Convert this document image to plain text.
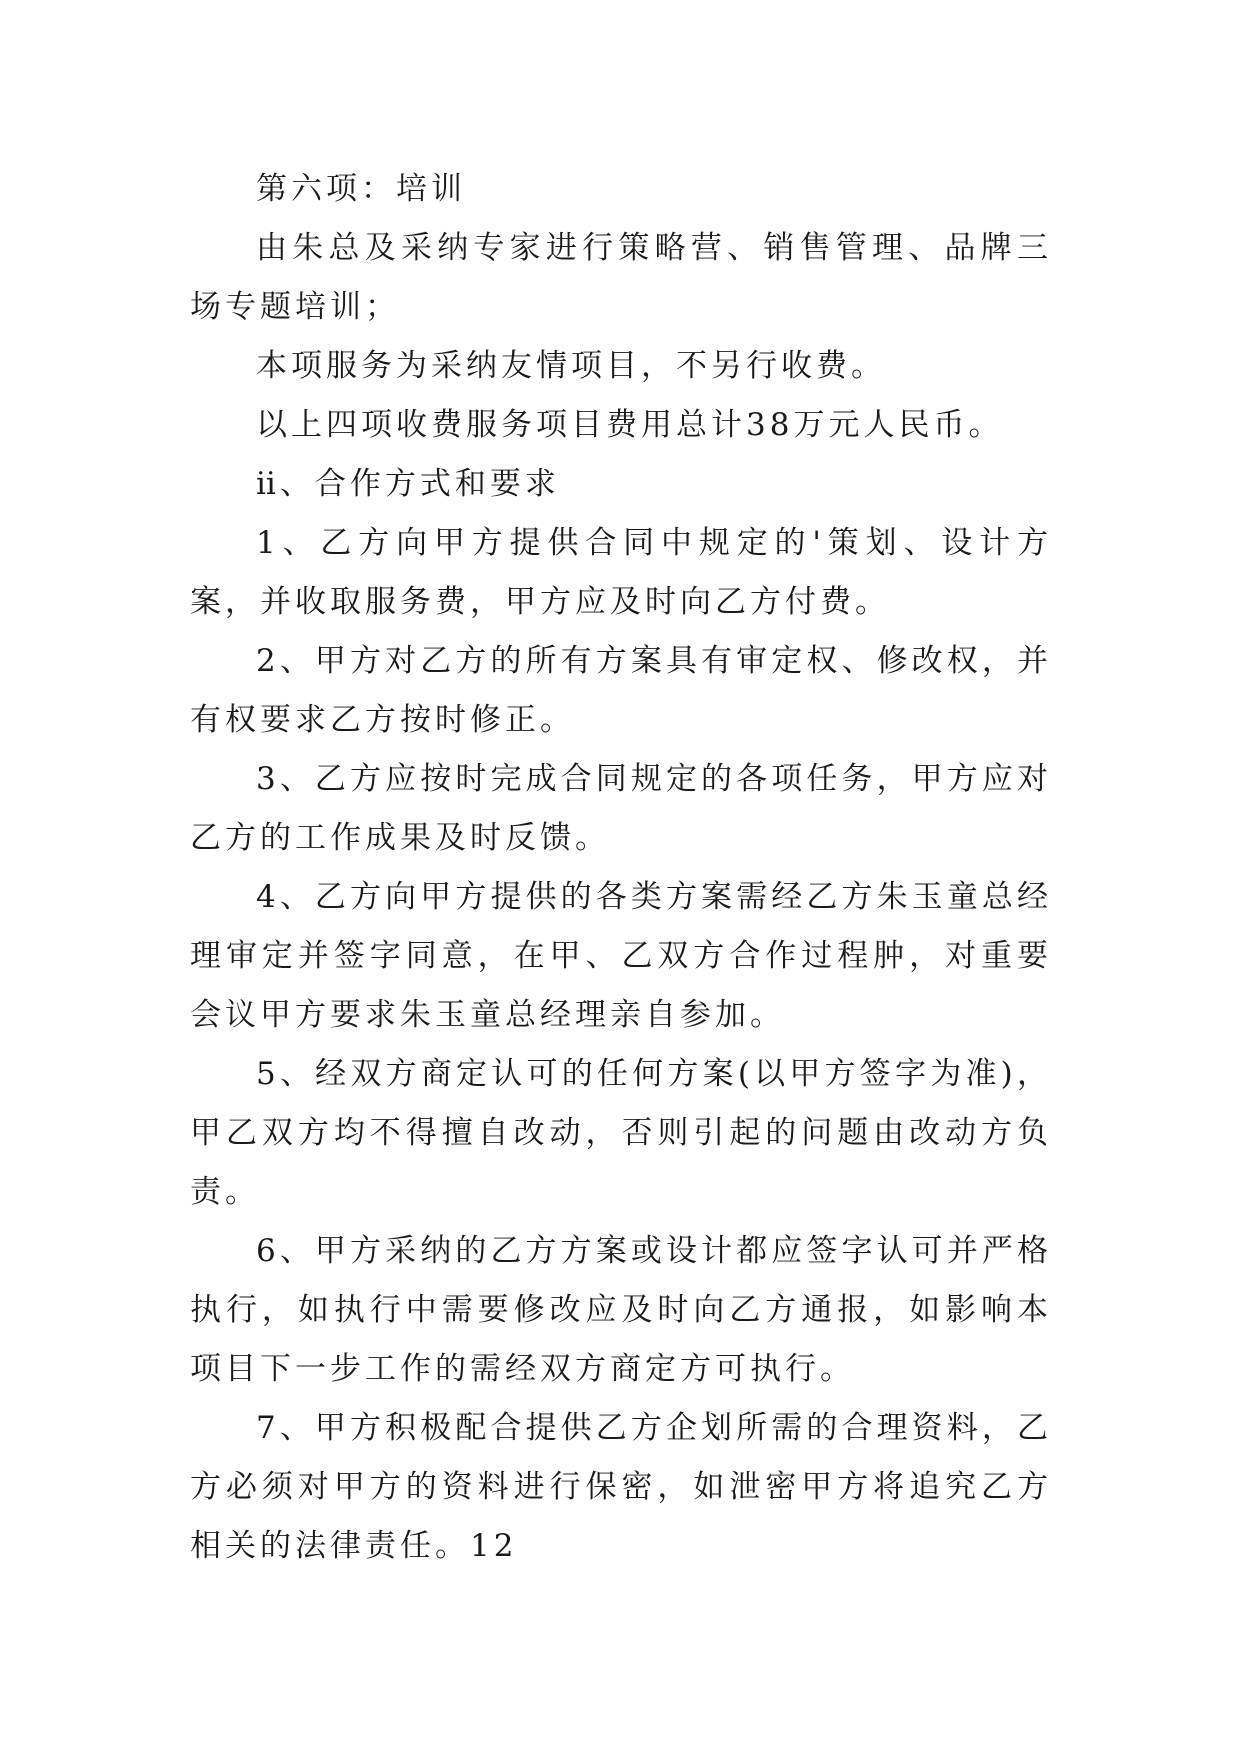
第六项：培训

由朱总及采纳专家进行策略营、销售管理、品牌三场专题培训；

本项服务为采纳友情项目，不另行收费。

以上四项收费服务项目费用总计38万元人民币。

ⅱ、合作方式和要求

1、乙方向甲方提供合同中规定的'策划、设计方案，并收取服务费，甲方应及时向乙方付费。

2、甲方对乙方的所有方案具有审定权、修改权，并有权要求乙方按时修正。

3、乙方应按时完成合同规定的各项任务，甲方应对乙方的工作成果及时反馈。

4、乙方向甲方提供的各类方案需经乙方朱玉童总经理审定并签字同意，在甲、乙双方合作过程肿，对重要会议甲方要求朱玉童总经理亲自参加。

5、经双方商定认可的任何方案(以甲方签字为准)，甲乙双方均不得擅自改动，否则引起的问题由改动方负责。

6、甲方采纳的乙方方案或设计都应签字认可并严格执行，如执行中需要修改应及时向乙方通报，如影响本项目下一步工作的需经双方商定方可执行。

7、甲方积极配合提供乙方企划所需的合理资料，乙方必须对甲方的资料进行保密，如泄密甲方将追究乙方相关的法律责任。12
